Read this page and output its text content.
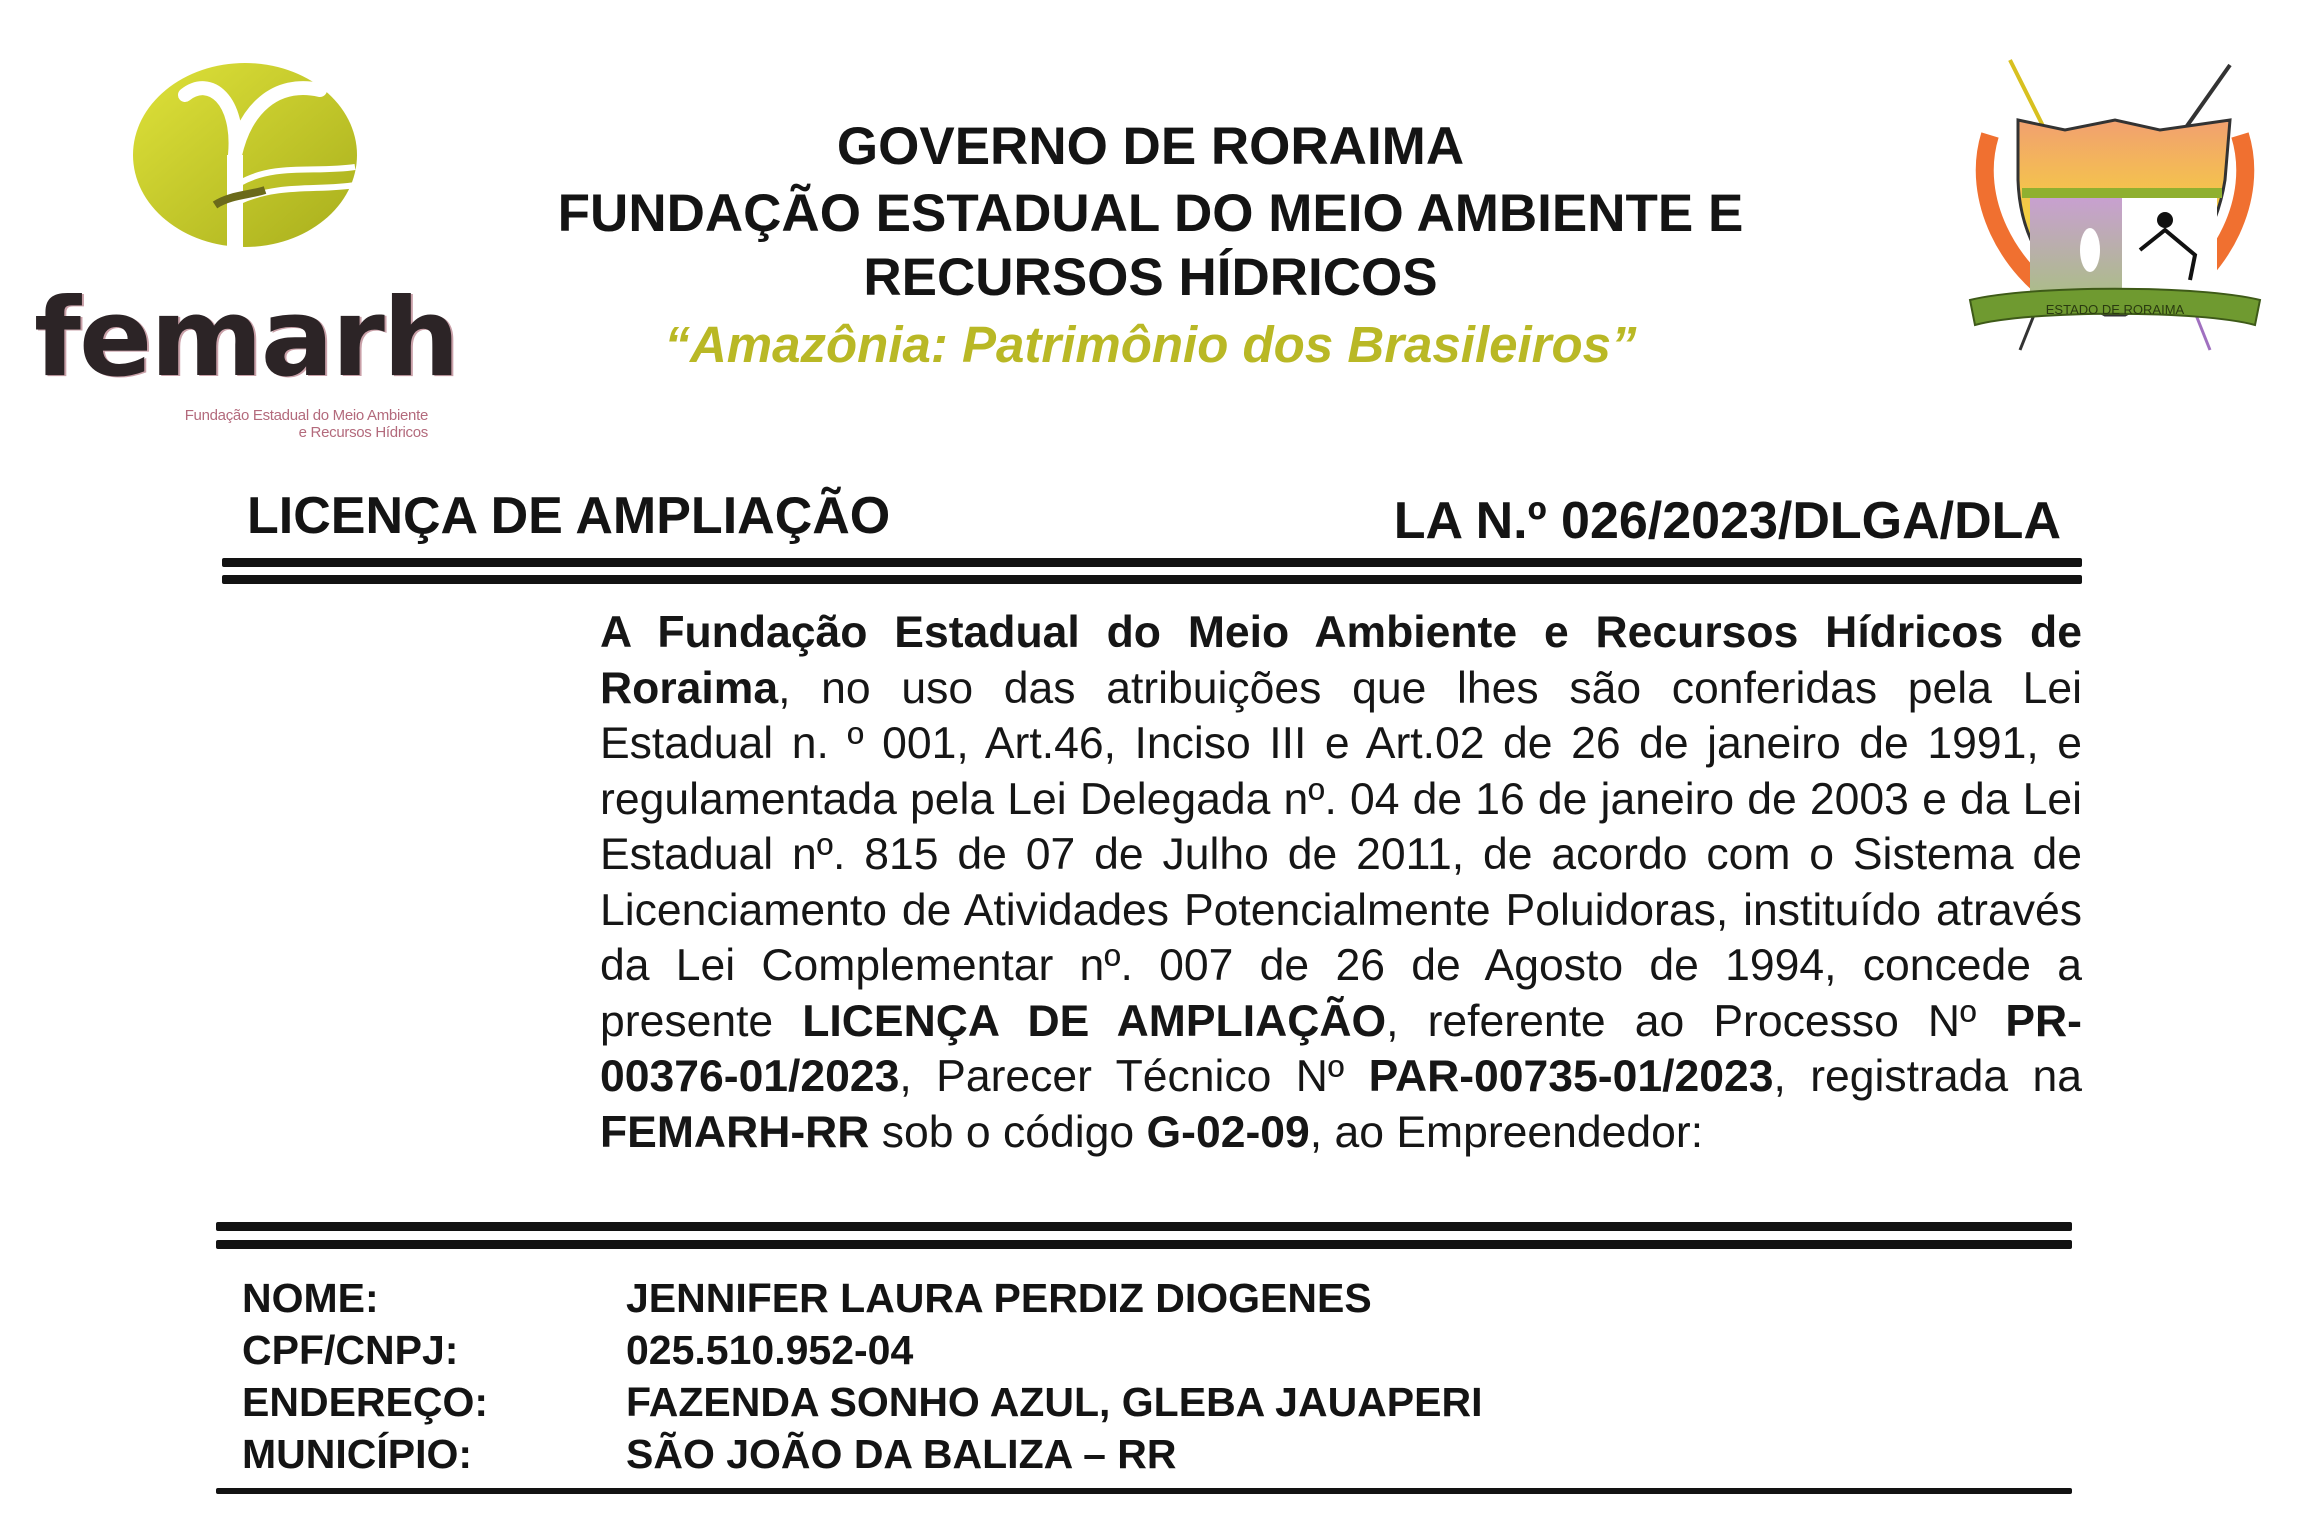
femarh
Fundação Estadual do Meio Ambiente
e Recursos Hídricos
GOVERNO DE RORAIMA
FUNDAÇÃO ESTADUAL DO MEIO AMBIENTE E
RECURSOS HÍDRICOS
“Amazônia: Patrimônio dos Brasileiros”
ESTADO DE RORAIMA
LICENÇA DE AMPLIAÇÃO	LA N.º 026/2023/DLGA/DLA
A Fundação Estadual do Meio Ambiente e Recursos Hídricos de Roraima, no uso das atribuições que lhes são conferidas pela Lei Estadual n. º 001, Art.46, Inciso III e Art.02 de 26 de janeiro de 1991, e regulamentada pela Lei Delegada nº. 04 de 16 de janeiro de 2003 e da Lei Estadual nº. 815 de 07 de Julho de 2011, de acordo com o Sistema de Licenciamento de Atividades Potencialmente Poluidoras, instituído através da Lei Complementar nº. 007 de 26 de Agosto de 1994, concede a presente LICENÇA DE AMPLIAÇÃO, referente ao Processo Nº PR-00376-01/2023, Parecer Técnico Nº PAR-00735-01/2023, registrada na FEMARH-RR sob o código G-02-09, ao Empreendedor:
NOME:	JENNIFER LAURA PERDIZ DIOGENES
CPF/CNPJ:	025.510.952-04
ENDEREÇO:	FAZENDA SONHO AZUL, GLEBA JAUAPERI
MUNICÍPIO:	SÃO JOÃO DA BALIZA – RR
